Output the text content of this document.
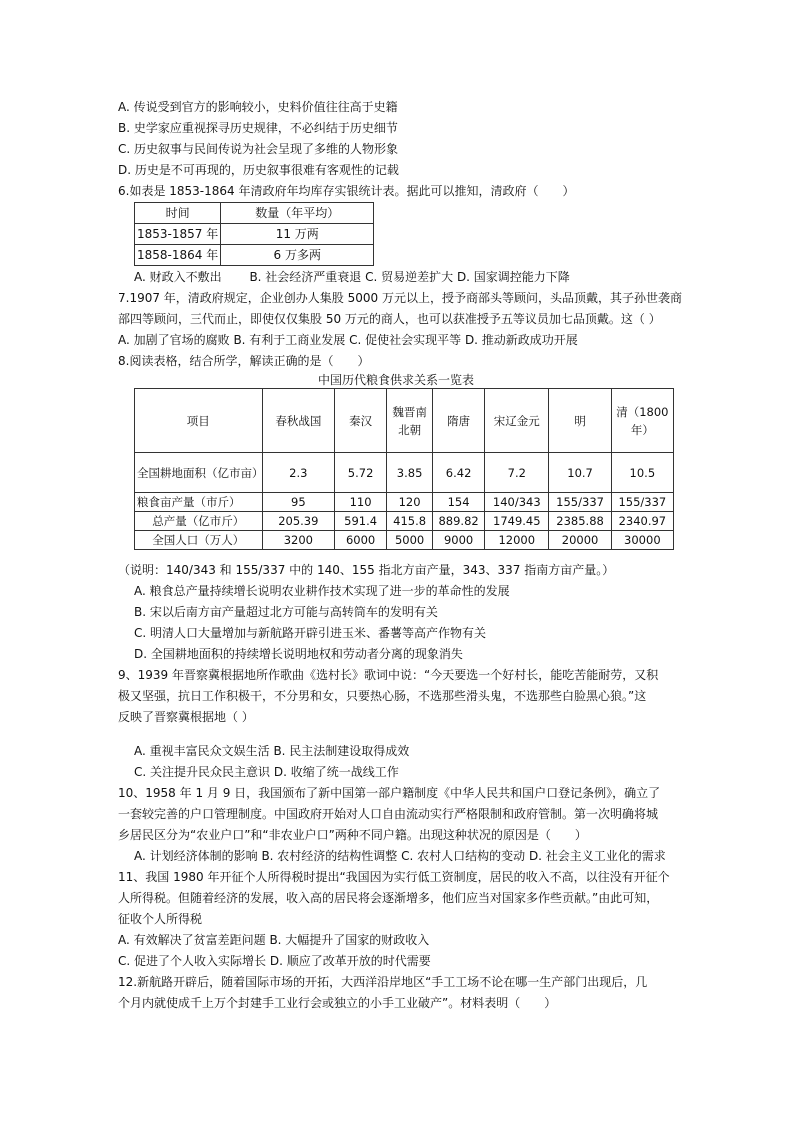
A. 传说受到官方的影响较小，史料价值往往高于史籍
B. 史学家应重视探寻历史规律，不必纠结于历史细节
C. 历史叙事与民间传说为社会呈现了多维的人物形象
D. 历史是不可再现的，历史叙事很难有客观性的记载
6.如表是 1853-1864 年清政府年均库存实银统计表。据此可以推知，清政府（　　）
时间	数量（年平均）
1853-1857 年	11 万两
1858-1864 年	6 万多两
A. 财政入不敷出　　 B. 社会经济严重衰退 C. 贸易逆差扩大 D. 国家调控能力下降
7.1907 年，清政府规定，企业创办人集股 5000 万元以上，授予商部头等顾问，头品顶戴，其子孙世袭商
部四等顾问，三代而止，即使仅仅集股 50 万元的商人，也可以获准授予五等议员加七品顶戴。这（ ）
A. 加剧了官场的腐败 B. 有利于工商业发展 C. 促使社会实现平等 D. 推动新政成功开展
8.阅读表格，结合所学，解读正确的是（　　）
中国历代粮食供求关系一览表
项目	春秋战国	秦汉	魏晋南北朝	隋唐	宋辽金元	明	清（1800年）
全国耕地面积（亿市亩）	2.3	5.72	3.85	6.42	7.2	10.7	10.5
粮食亩产量（市斤）	95	110	120	154	140/343	155/337	155/337
总产量（亿市斤）	205.39	591.4	415.8	889.82	1749.45	2385.88	2340.97
全国人口（万人）	3200	6000	5000	9000	12000	20000	30000
（说明：140/343 和 155/337 中的 140、155 指北方亩产量，343、337 指南方亩产量。）
A. 粮食总产量持续增长说明农业耕作技术实现了进一步的革命性的发展
B. 宋以后南方亩产量超过北方可能与高转筒车的发明有关
C. 明清人口大量增加与新航路开辟引进玉米、番薯等高产作物有关
D. 全国耕地面积的持续增长说明地权和劳动者分离的现象消失
9、1939 年晋察冀根据地所作歌曲《选村长》歌词中说：“今天要选一个好村长，能吃苦能耐劳，又积
极又坚强，抗日工作积极干，不分男和女，只要热心肠，不选那些滑头鬼，不选那些白脸黑心狼。”这
反映了晋察冀根据地（ ）
A. 重视丰富民众文娱生活 B. 民主法制建设取得成效
C. 关注提升民众民主意识 D. 收缩了统一战线工作
10、1958 年 1 月 9 日，我国颁布了新中国第一部户籍制度《中华人民共和国户口登记条例》，确立了
一套较完善的户口管理制度。中国政府开始对人口自由流动实行严格限制和政府管制。第一次明确将城
乡居民区分为“农业户口”和“非农业户口”两种不同户籍。出现这种状况的原因是（　　）
A. 计划经济体制的影响 B. 农村经济的结构性调整 C. 农村人口结构的变动 D. 社会主义工业化的需求
11、我国 1980 年开征个人所得税时提出“我国因为实行低工资制度，居民的收入不高，以往没有开征个
人所得税。但随着经济的发展，收入高的居民将会逐渐增多，他们应当对国家多作些贡献。”由此可知，
征收个人所得税
A. 有效解决了贫富差距问题 B. 大幅提升了国家的财政收入
C. 促进了个人收入实际增长 D. 顺应了改革开放的时代需要
12.新航路开辟后，随着国际市场的开拓，大西洋沿岸地区“手工工场不论在哪一生产部门出现后，几
个月内就使成千上万个封建手工业行会或独立的小手工业破产”。材料表明（　　）
